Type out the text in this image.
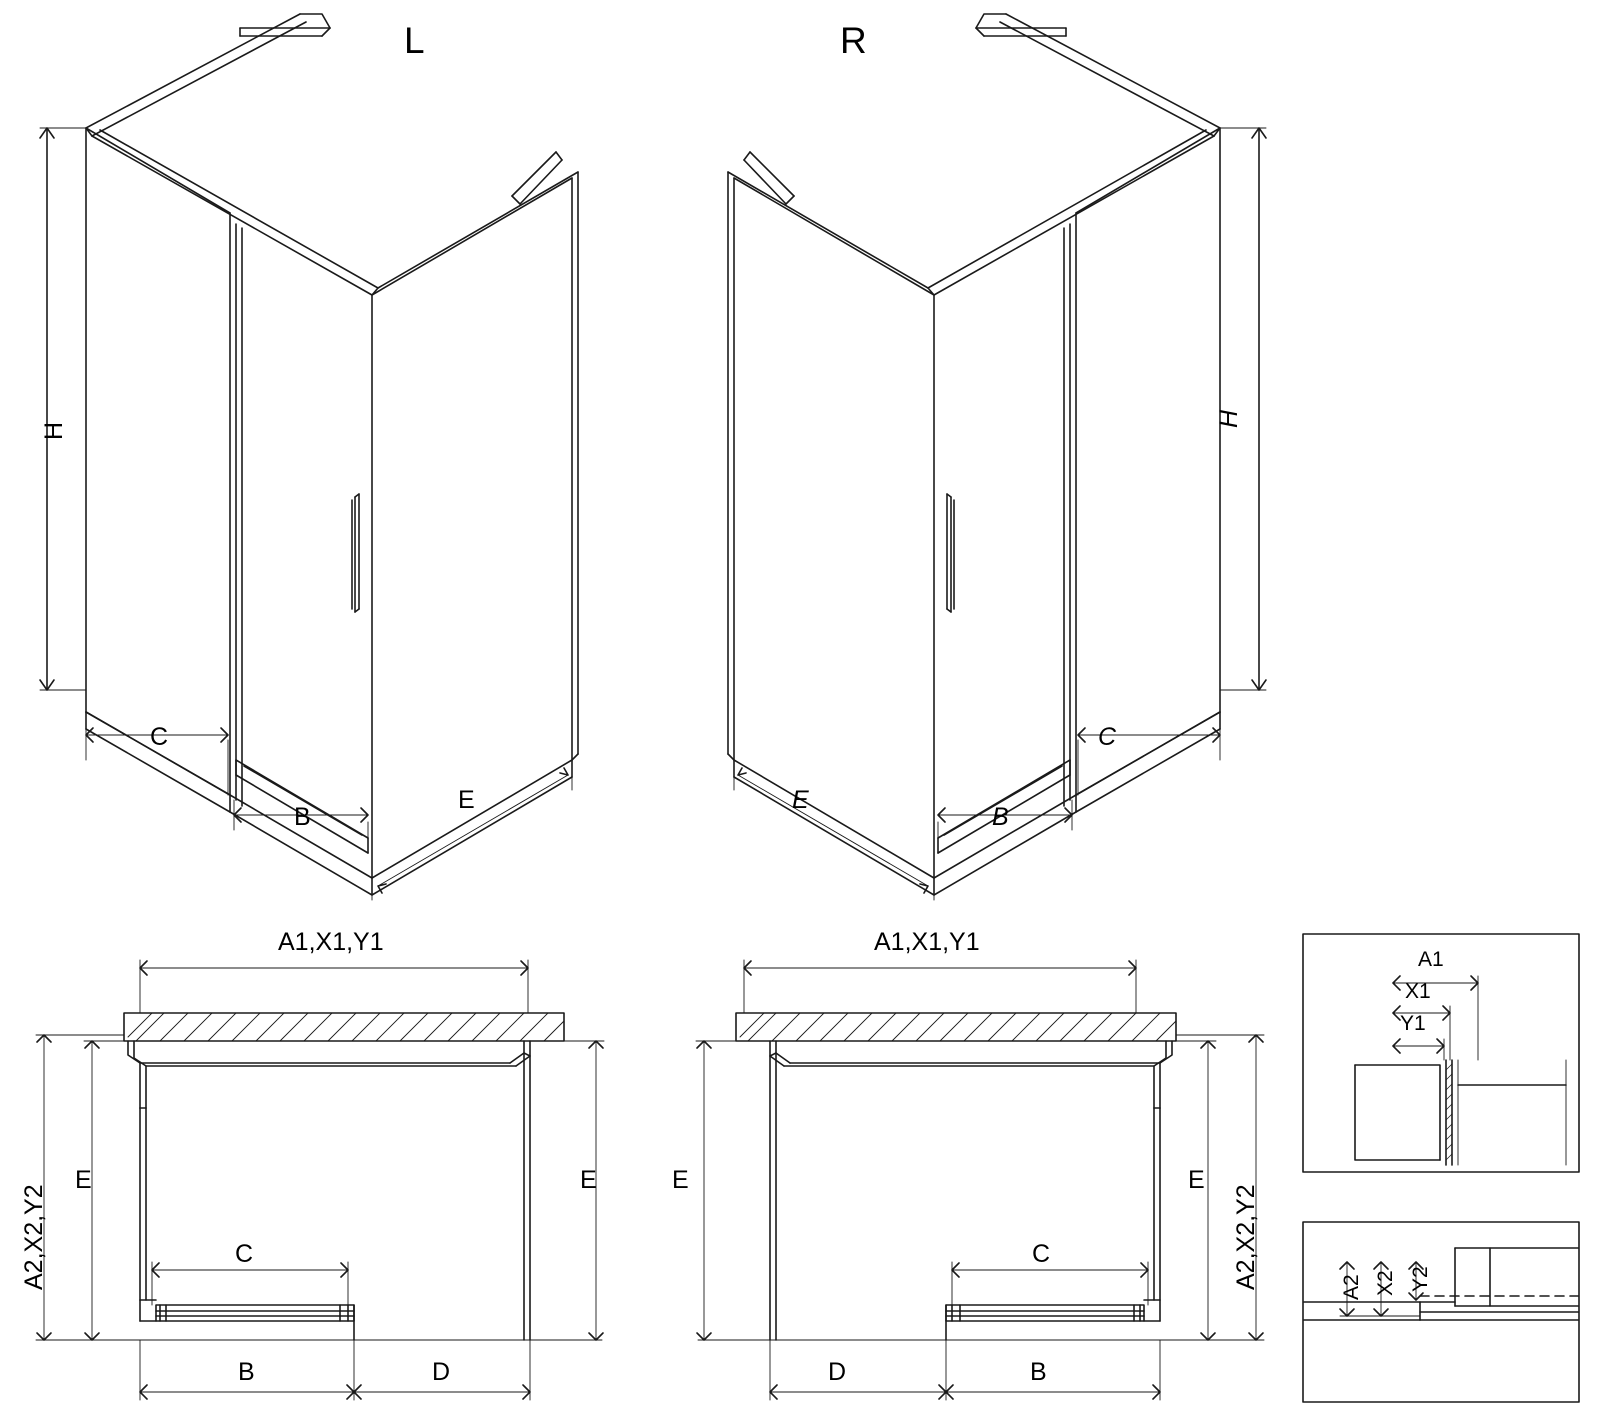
L	R
H
C
B
E
H
C
B
E
A1,X1,Y1
A2,X2,Y2
E	E
C
B	D
A1,X1,Y1
A2,X2,Y2
E	E
C
B
D
A1
X1
Y1
A2 X2 Y2
